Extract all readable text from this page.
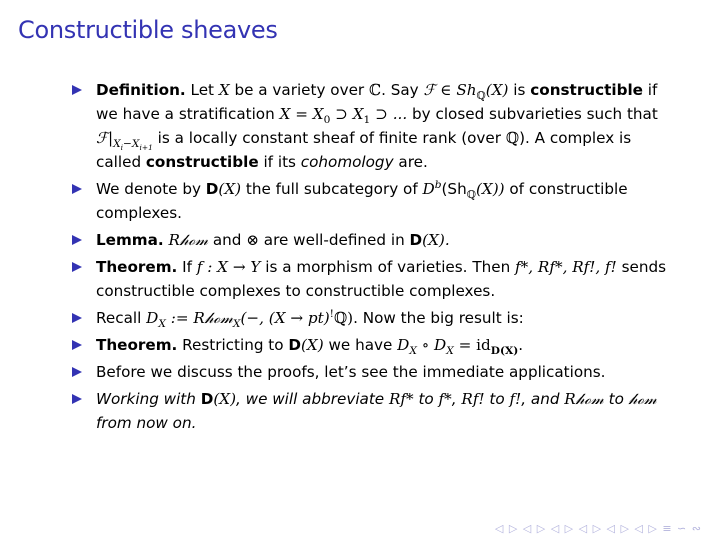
Constructible sheaves
Definition. Let X be a variety over ℂ. Say ℱ ∈ $Sh_ℚ(X)$ is constructible if we have a stratification $X = X_0$ ⊃ $X_1$ ⊃ ... by closed subvarieties such that $ℱ|_{X_i-X_{i+1}}$ is a locally constant sheaf of finite rank (over ℚ). A complex is called constructible if its cohomology are.
We denote by D(X) the full subcategory of $D^b(Sh_ℚ(X))$ of constructible complexes.
Lemma. R𝒽ℴ𝓂 and ⊗ are well-defined in D(X).
Theorem. If f : X → Y is a morphism of varieties. Then f*, Rf*, Rf!, f! sends constructible complexes to constructible complexes.
Recall $D_X$ := R𝒽ℴ𝓂$_X$(−, (X → pt)!ℚ). Now the big result is:
Theorem. Restricting to D(X) we have $D_X$ ∘ $D_X = id_{D(X)}$.
Before we discuss the proofs, let’s see the immediate applications.
Working with D(X), we will abbreviate Rf* to f*, Rf! to f!, and R𝒽ℴ𝓂 to 𝒽ℴ𝓂 from now on.
◁ ▷ ◁ ▷ ◁ ▷ ◁ ▷ ◁ ▷ ◁ ▷ ≡ ∽ ∾
